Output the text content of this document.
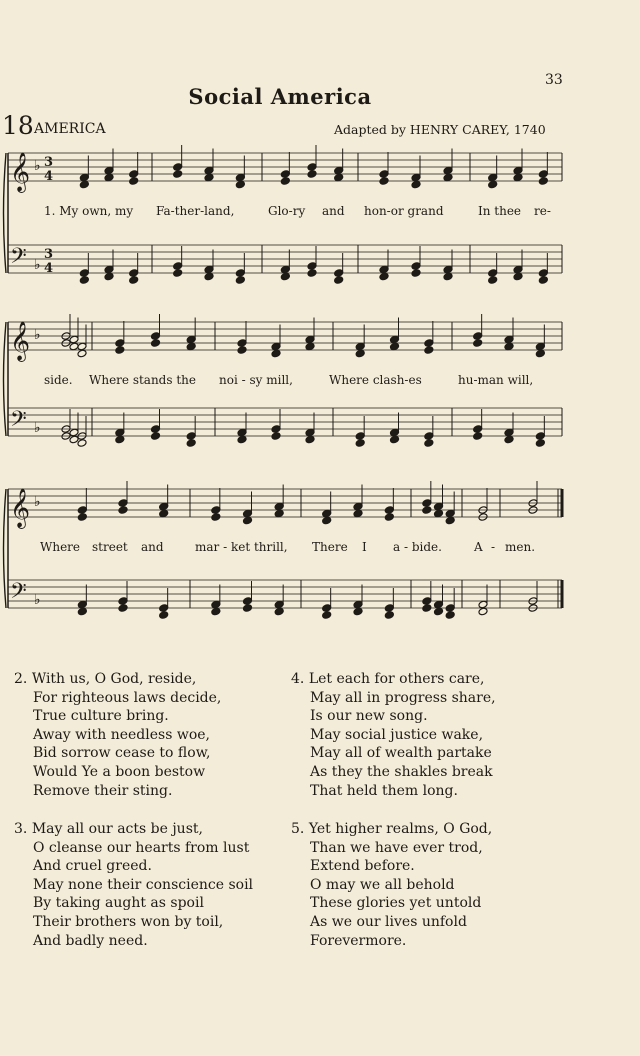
33
Social America
18 AMERICA	Adapted by HENRY CAREY, 1740
𝄞 ♭ 3
4
𝄢 ♭
3
4
𝄞 ♭
𝄢 ♭
𝄞 ♭
𝄢 ♭
1. My own, my Fa-ther-land,	Glo-ry and hon-or grand	In thee re-
side. Where stands the noi - sy mill,	Where clash-es	hu-man will,
Where street and	mar - ket thrill, There I a - bide.	A - men.
2. With us, O God, reside,
For righteous laws decide,
True culture bring.
Away with needless woe,
Bid sorrow cease to flow,
Would Ye a boon bestow
Remove their sting.
3. May all our acts be just,
O cleanse our hearts from lust
And cruel greed.
May none their conscience soil
By taking aught as spoil
Their brothers won by toil,
And badly need.
4. Let each for others care,
May all in progress share,
Is our new song.
May social justice wake,
May all of wealth partake
As they the shakles break
That held them long.
5. Yet higher realms, O God,
Than we have ever trod,
Extend before.
O may we all behold
These glories yet untold
As we our lives unfold
Forevermore.
